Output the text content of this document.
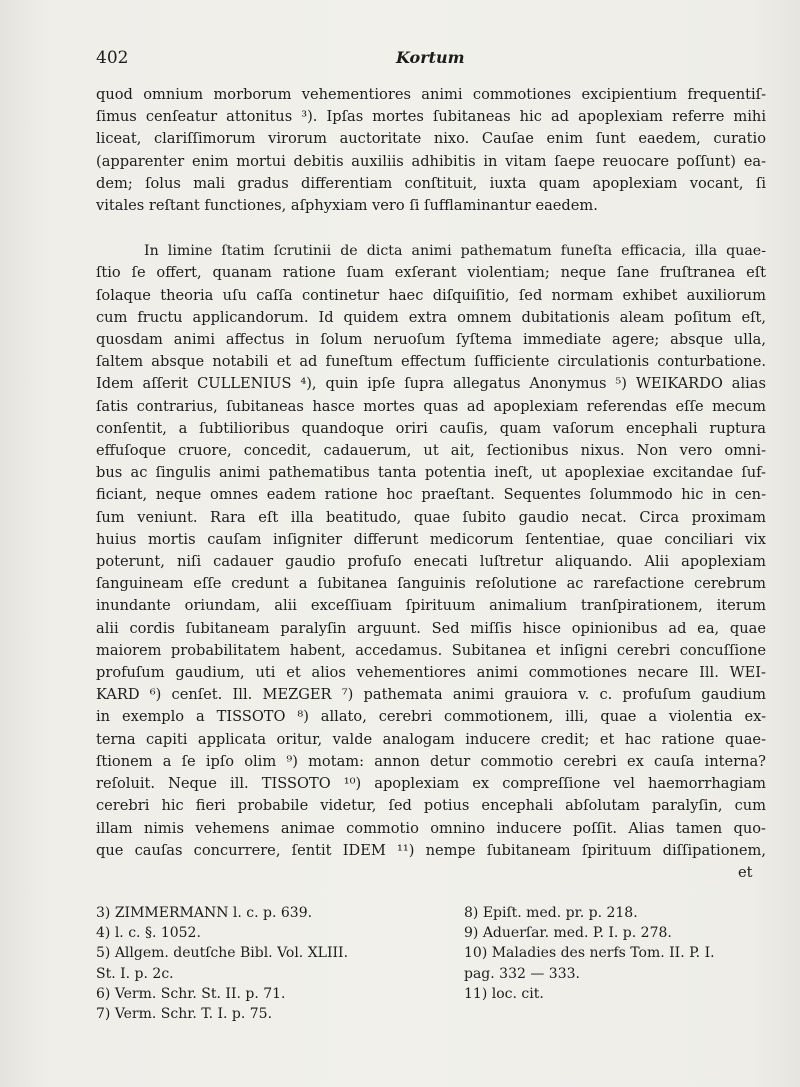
402	Kortum

quod omnium morborum vehementiores animi commotiones excipientium frequentiſ-
ſimus cenſeatur attonitus ³). Ipſas mortes ſubitaneas hic ad apoplexiam referre mihi
liceat, clariſſimorum virorum auctoritate nixo. Cauſae enim ſunt eaedem, curatio
(apparenter enim mortui debitis auxiliis adhibitis in vitam ſaepe reuocare poſſunt) ea-
dem; ſolus mali gradus differentiam conſtituit, iuxta quam apoplexiam vocant, ſi
vitales reſtant functiones, aſphyxiam vero ſi ſufflaminantur eaedem.

In limine ſtatim ſcrutinii de dicta animi pathematum funeſta efficacia, illa quae-
ſtio ſe offert, quanam ratione ſuam exſerant violentiam; neque ſane fruſtranea eſt
ſolaque theoria uſu caſſa continetur haec diſquiſitio, ſed normam exhibet auxiliorum
cum fructu applicandorum. Id quidem extra omnem dubitationis aleam poſitum eſt,
quosdam animi affectus in ſolum neruoſum ſyſtema immediate agere; absque ulla,
ſaltem absque notabili et ad funeſtum effectum ſufficiente circulationis conturbatione.
Idem aſſerit CULLENIUS ⁴), quin ipſe ſupra allegatus Anonymus ⁵) WEIKARDO alias
ſatis contrarius, ſubitaneas hasce mortes quas ad apoplexiam referendas eſſe mecum
conſentit, a ſubtilioribus quandoque oriri cauſis, quam vaſorum encephali ruptura
effuſoque cruore, concedit, cadauerum, ut ait, ſectionibus nixus. Non vero omni-
bus ac ſingulis animi pathematibus tanta potentia ineſt, ut apoplexiae excitandae ſuf-
ficiant, neque omnes eadem ratione hoc praeſtant. Sequentes ſolummodo hic in cen-
ſum veniunt. Rara eſt illa beatitudo, quae ſubito gaudio necat. Circa proximam
huius mortis cauſam inſigniter differunt medicorum ſententiae, quae conciliari vix
poterunt, niſi cadauer gaudio profuſo enecati luſtretur aliquando. Alii apoplexiam
ſanguineam eſſe credunt a ſubitanea ſanguinis reſolutione ac rarefactione cerebrum
inundante oriundam, alii exceſſiuam ſpirituum animalium tranſpirationem, iterum
alii cordis ſubitaneam paralyſin arguunt. Sed miſſis hisce opinionibus ad ea, quae
maiorem probabilitatem habent, accedamus. Subitanea et inſigni cerebri concuſſione
profuſum gaudium, uti et alios vehementiores animi commotiones necare Ill. WEI-
KARD ⁶) cenſet. Ill. MEZGER ⁷) pathemata animi grauiora v. c. profuſum gaudium
in exemplo a TISSOTO ⁸) allato, cerebri commotionem, illi, quae a violentia ex-
terna capiti applicata oritur, valde analogam inducere credit; et hac ratione quae-
ſtionem a ſe ipſo olim ⁹) motam: annon detur commotio cerebri ex cauſa interna?
reſoluit. Neque ill. TISSOTO ¹⁰) apoplexiam ex compreſſione vel haemorrhagiam
cerebri hic fieri probabile videtur, ſed potius encephali abſolutam paralyſin, cum
illam nimis vehemens animae commotio omnino inducere poſſit. Alias tamen quo-
que cauſas concurrere, ſentit IDEM ¹¹) nempe ſubitaneam ſpirituum diſſipationem,

et
3) ZIMMERMANN l. c. p. 639.
4) l. c. §. 1052.
5) Allgem. deutſche Bibl. Vol. XLIII.
St. I. p. 2c.
6) Verm. Schr. St. II. p. 71.
7) Verm. Schr. T. I. p. 75.
8) Epiſt. med. pr. p. 218.
9) Aduerſar. med. P. I. p. 278.
10) Maladies des nerfs Tom. II. P. I.
pag. 332 — 333.
11) loc. cit.
